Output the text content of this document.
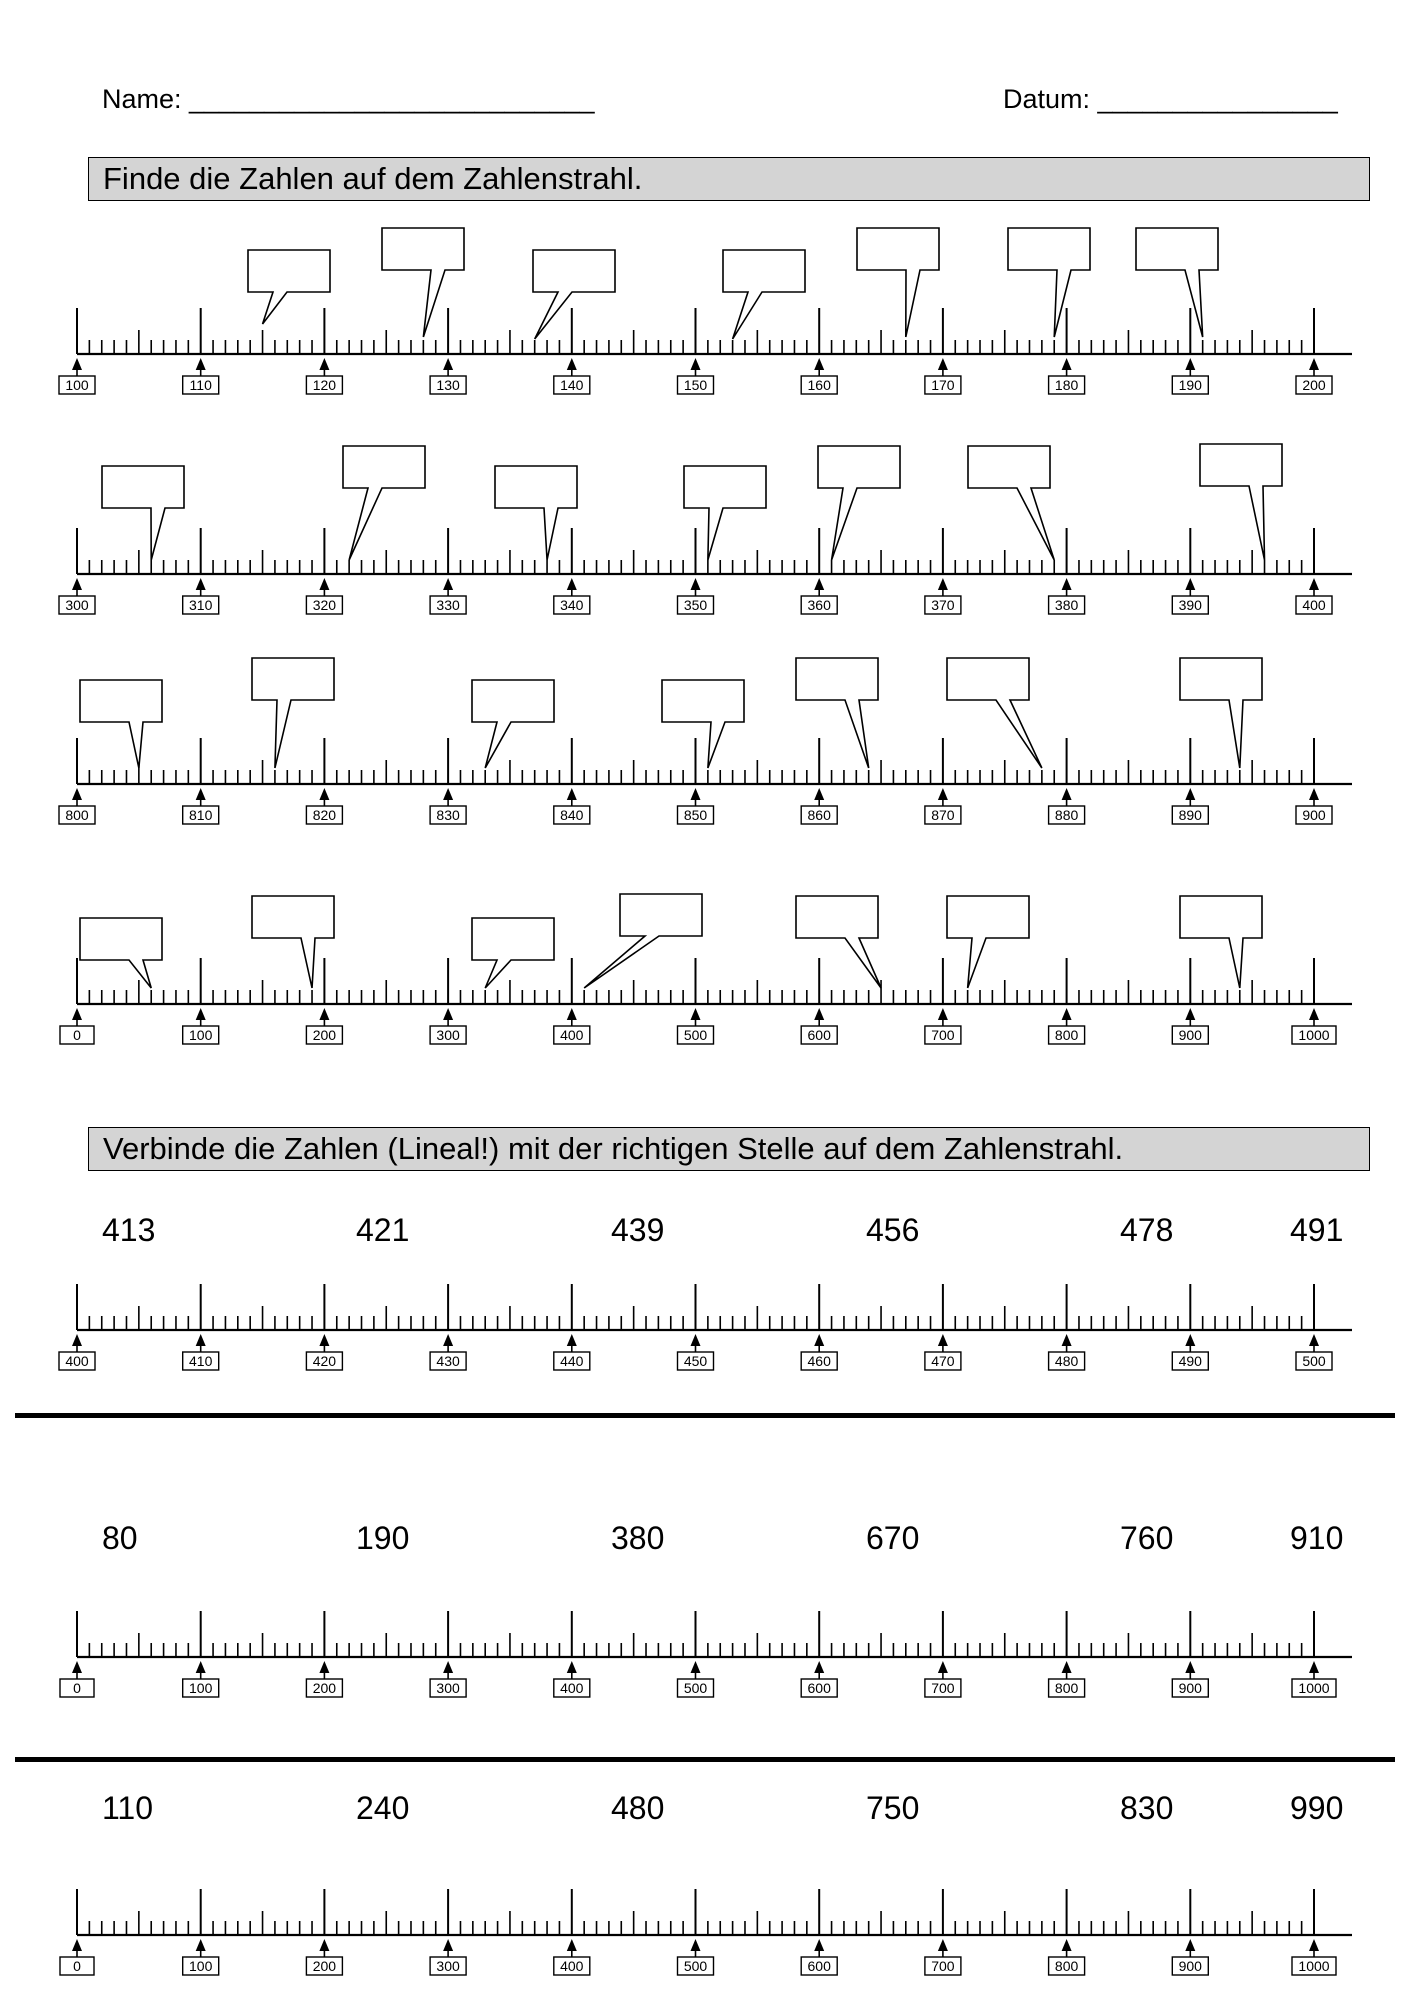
Name: ___________________________	Datum: ________________
Finde die Zahlen auf dem Zahlenstrahl.
100	110	120	130	140	150	160	170	180	190	200
300	310	320	330	340	350	360	370	380	390	400
800	810	820	830	840	850	860	870	880	890	900
0	100	200	300	400	500	600	700	800	900	1000
Verbinde die Zahlen (Lineal!) mit der richtigen Stelle auf dem Zahlenstrahl.
413	421	439	456	478	491
400	410	420	430	440	450	460	470	480	490	500
80	190	380	670	760	910
0	100	200	300	400	500	600	700	800	900	1000
110	240	480	750	830	990
0	100	200	300	400	500	600	700	800	900	1000
